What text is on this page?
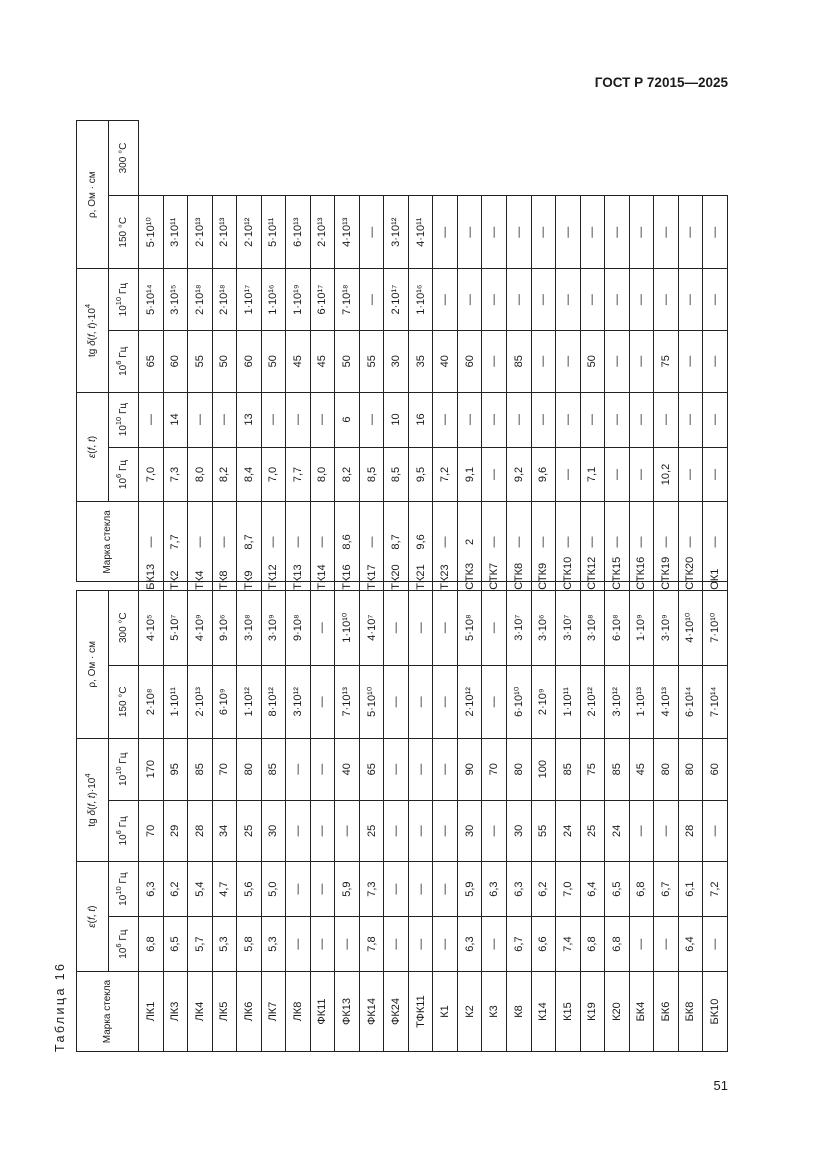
ГОСТ Р 72015—2025
Таблица 16	Марка стекла	ε(f, t)		tg δ(f, $t)\cdot 10^4$		ρ, Ом · см			Марка стекла	ε(f, t)		tg δ(f, $t)\cdot 10^4$		ρ, Ом · см	
	$10^6$ Гц	$10^{10}$ Гц	$10^6$ Гц	$10^{10}$ Гц	150 °C	300 °C			$10^6$ Гц	$10^{10}$ Гц	$10^6$ Гц	$10^{10}$ Гц	150 °C	300 °C
ЛК1	6,8	6,3	70	170	2·10⁸	4·10⁵	БК13	—	7,0	—	65	5·10¹⁴	5·10¹⁰	
ЛК3	6,5	6,2	29	95	1·10¹¹	5·10⁷	ТК2	7,7	7,3	14	60	3·10¹⁵	3·10¹¹	
ЛК4	5,7	5,4	28	85	2·10¹³	4·10⁹	ТК4	—	8,0	—	55	2·10¹⁸	2·10¹³	
ЛК5	5,3	4,7	34	70	6·10⁹	9·10⁶	ТК8	—	8,2	—	50	2·10¹⁸	2·10¹³	
ЛК6	5,8	5,6	25	80	1·10¹²	3·10⁸	ТК9	8,7	8,4	13	60	1·10¹⁷	2·10¹²	
ЛК7	5,3	5,0	30	85	8·10¹²	3·10⁹	ТК12	—	7,0	—	50	1·10¹⁶	5·10¹¹	
ЛК8	—	—	—	—	3·10¹²	9·10⁸	ТК13	—	7,7	—	45	1·10¹⁹	6·10¹³	
ФК11	—	—	—	—	—	—	ТК14	—	8,0	—	45	6·10¹⁷	2·10¹³	
ФК13	—	5,9	—	40	7·10¹³	1·10¹⁰	ТК16	8,6	8,2	6	50	7·10¹⁸	4·10¹³	
ФК14	7,8	7,3	25	65	5·10¹⁰	4·10⁷	ТК17	—	8,5	—	55	—	—	
ФК24	—	—	—	—	—	—	ТК20	8,7	8,5	10	30	2·10¹⁷	3·10¹²	
ТФК11	—	—	—	—	—	—	ТК21	9,6	9,5	16	35	1·10¹⁶	4·10¹¹	
К1	—	—	—	—	—	—	ТК23	—	7,2	—	40	—	—	
К2	6,3	5,9	30	90	2·10¹²	5·10⁸	СТК3	2	9,1	—	60	—	—	
К3	—	6,3	—	70	—	—	СТК7	—	—	—	—	—	—	
К8	6,7	6,3	30	80	6·10¹⁰	3·10⁷	СТК8	—	9,2	—	85	—	—	
К14	6,6	6,2	55	100	2·10⁹	3·10⁶	СТК9	—	9,6	—	—	—	—	
К15	7,4	7,0	24	85	1·10¹¹	3·10⁷	СТК10	—	—	—	—	—	—	
К19	6,8	6,4	25	75	2·10¹²	3·10⁸	СТК12	—	7,1	—	50	—	—	
К20	6,8	6,5	24	85	3·10¹²	6·10⁸	СТК15	—	—	—	—	—	—	
БК4	—	6,8	—	45	1·10¹³	1·10⁹	СТК16	—	—	—	—	—	—	
БК6	—	6,7	—	80	4·10¹³	3·10⁹	СТК19	—	10,2	—	75	—	—	
БК8	6,4	6,1	28	80	6·10¹⁴	4·10¹⁰	СТК20	—	—	—	—	—	—	
БК10	—	7,2	—	60	7·10¹⁴	7·10¹⁰	ОК1	—	—	—	—	—	—	
51
